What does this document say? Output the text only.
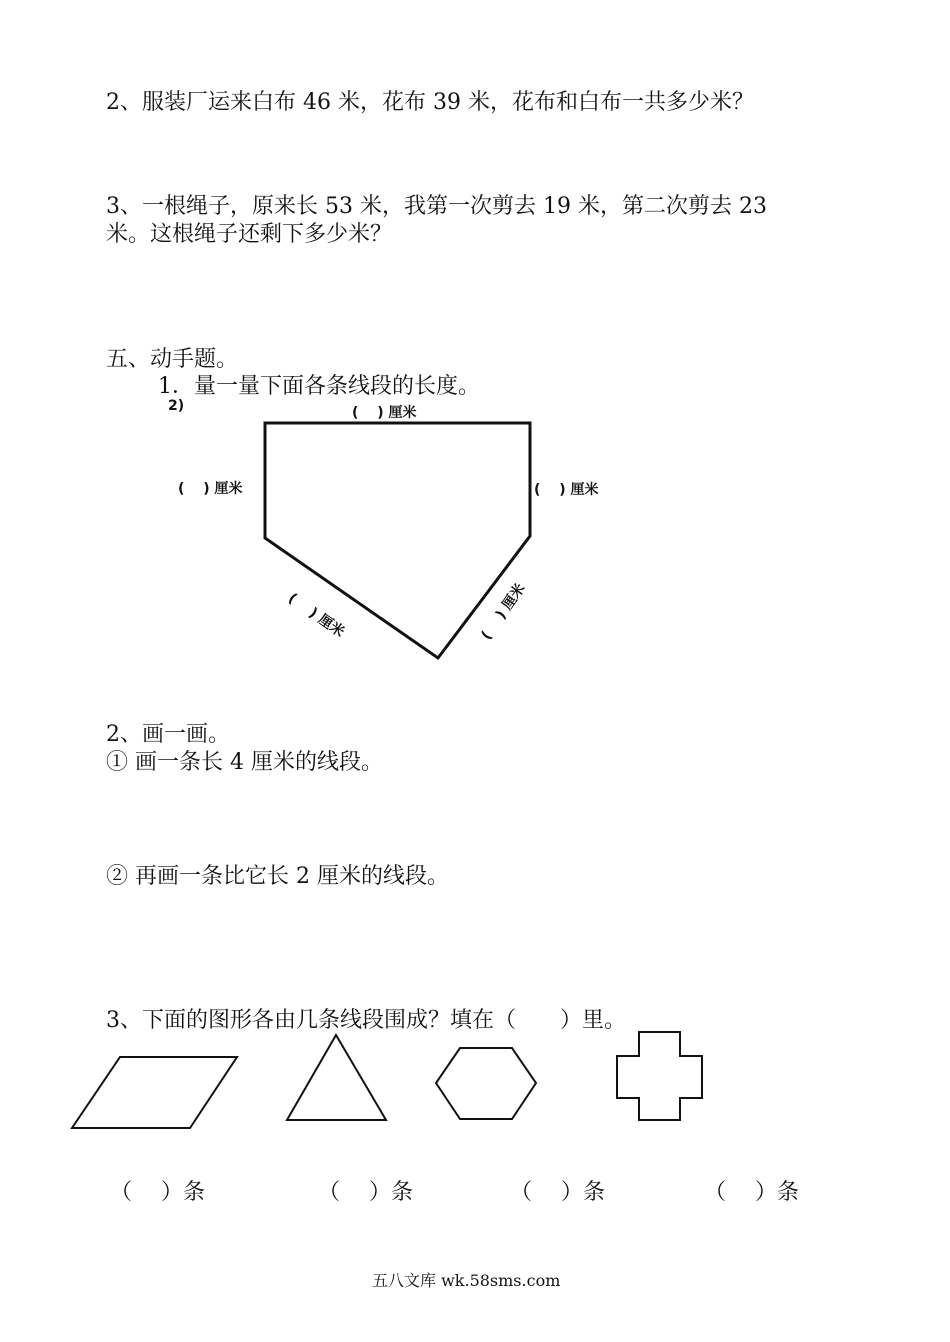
2、服装厂运来白布 46 米，花布 39 米，花布和白布一共多少米？
3、一根绳子，原来长 53 米，我第一次剪去 19 米，第二次剪去 23
米。这根绳子还剩下多少米？
五、动手题。
1．量一量下面各条线段的长度。
2)	(　 ) 厘米
(　 ) 厘米	(　 ) 厘米
(　 ) 厘米	(　 ) 厘米
2、画一画。
① 画一条长 4 厘米的线段。
② 再画一条比它长 2 厘米的线段。
3、下面的图形各由几条线段围成？填在（　　）里。
（　 ）条	（　 ）条	（　 ）条	（　 ）条
五八文库 wk.58sms.com
